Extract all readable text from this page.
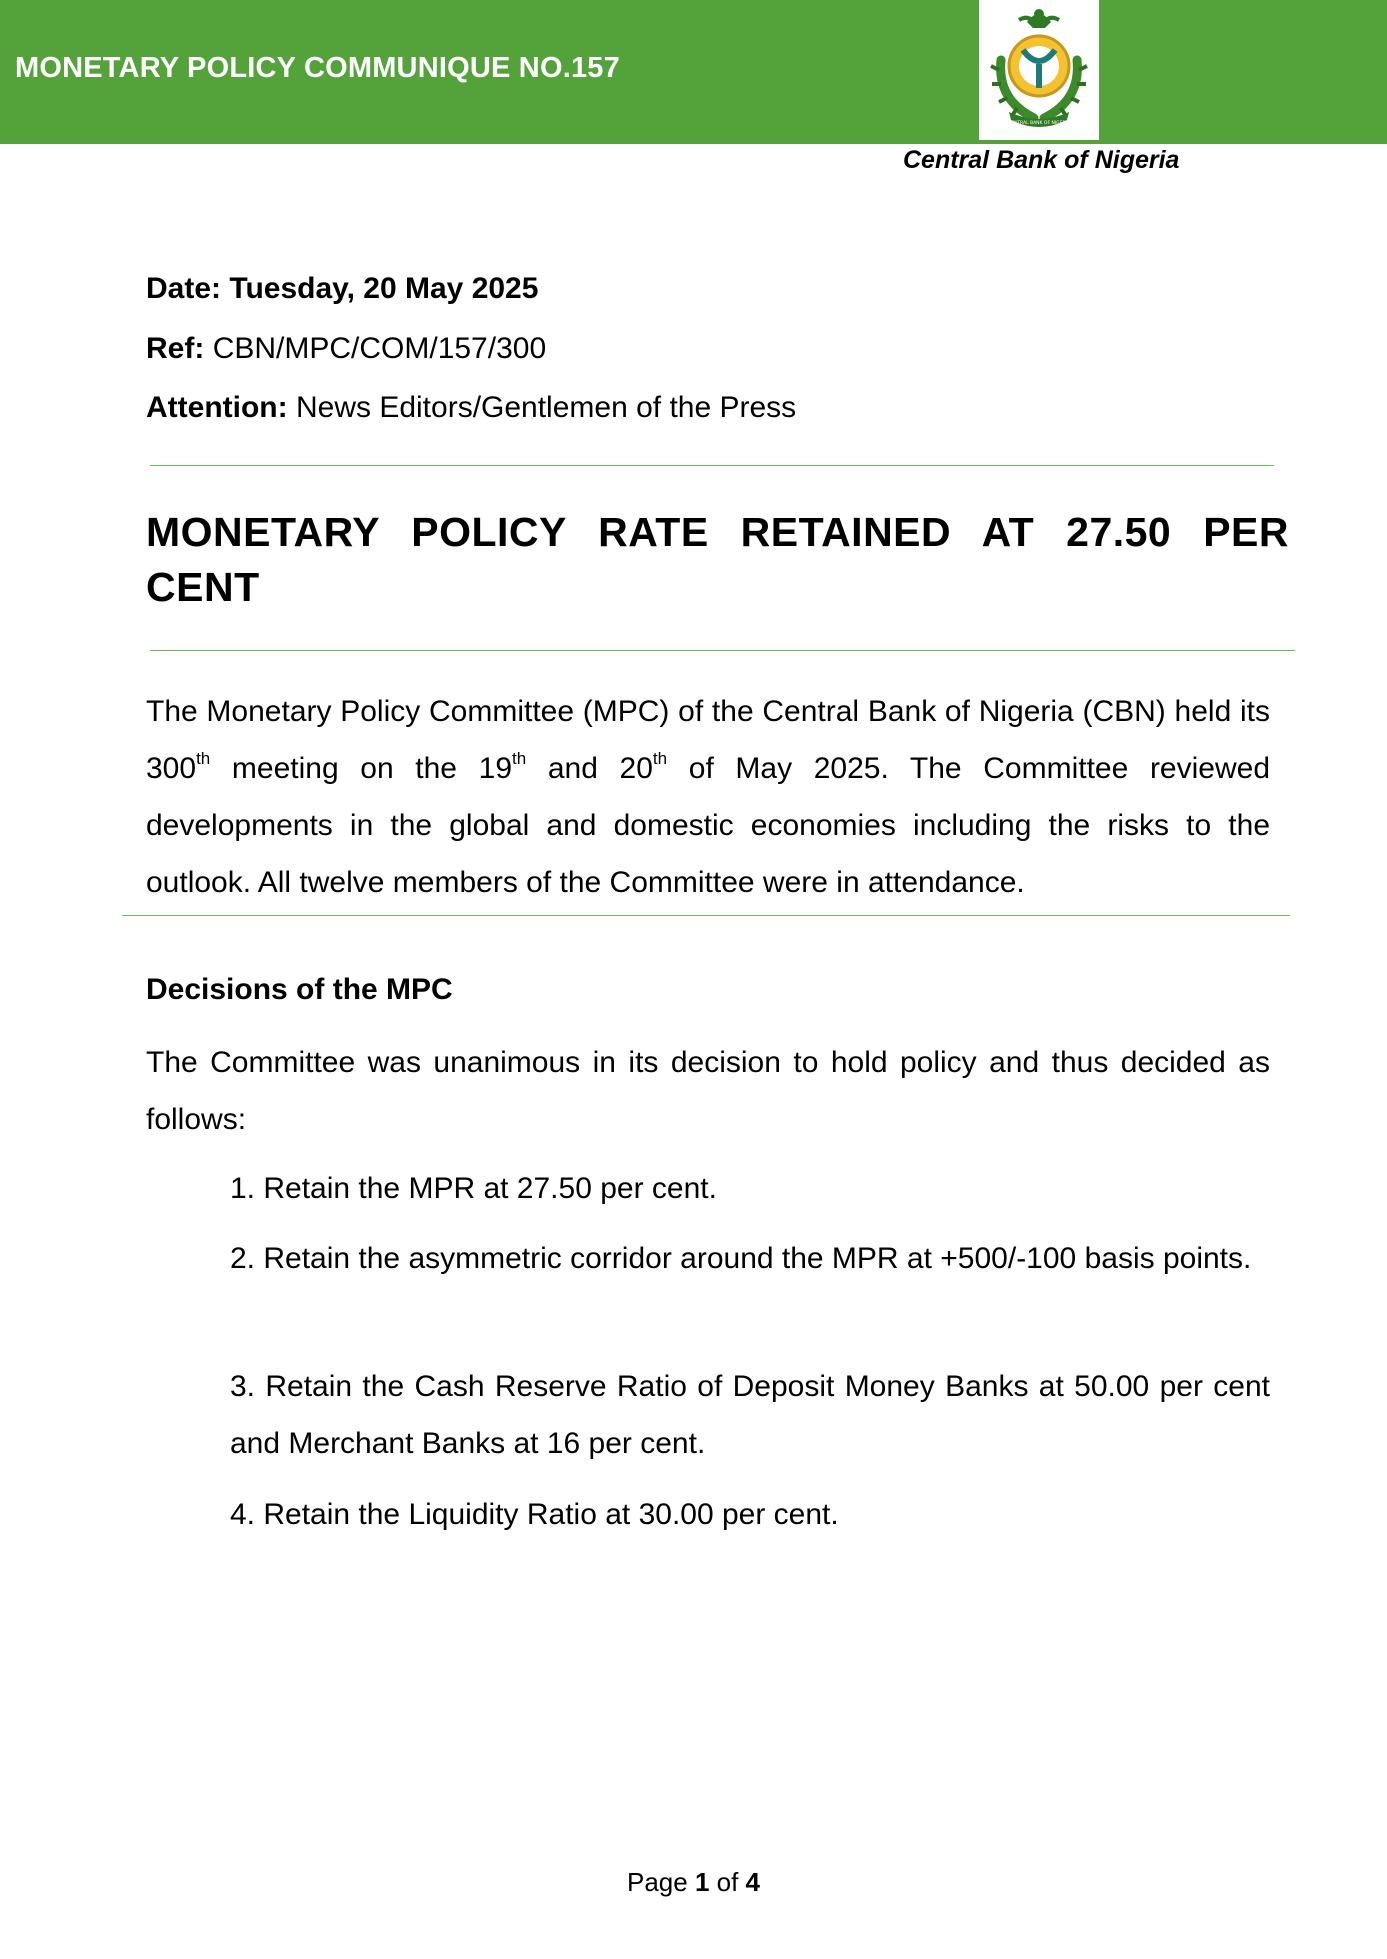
MONETARY POLICY COMMUNIQUE NO.157
CENTRAL BANK OF NIGERIA
Central Bank of Nigeria
Date: Tuesday, 20 May 2025
Ref: CBN/MPC/COM/157/300
Attention: News Editors/Gentlemen of the Press
MONETARY POLICY RATE RETAINED AT 27.50 PER CENT

The Monetary Policy Committee (MPC) of the Central Bank of Nigeria (CBN) held its 300th meeting on the 19th and 20th of May 2025. The Committee reviewed developments in the global and domestic economies including the risks to the outlook. All twelve members of the Committee were in attendance.

Decisions of the MPC

The Committee was unanimous in its decision to hold policy and thus decided as follows:

1. Retain the MPR at 27.50 per cent.

2. Retain the asymmetric corridor around the MPR at +500/-100 basis points.

3. Retain the Cash Reserve Ratio of Deposit Money Banks at 50.00 per cent and Merchant Banks at 16 per cent.

4. Retain the Liquidity Ratio at 30.00 per cent.

Page 1 of 4
